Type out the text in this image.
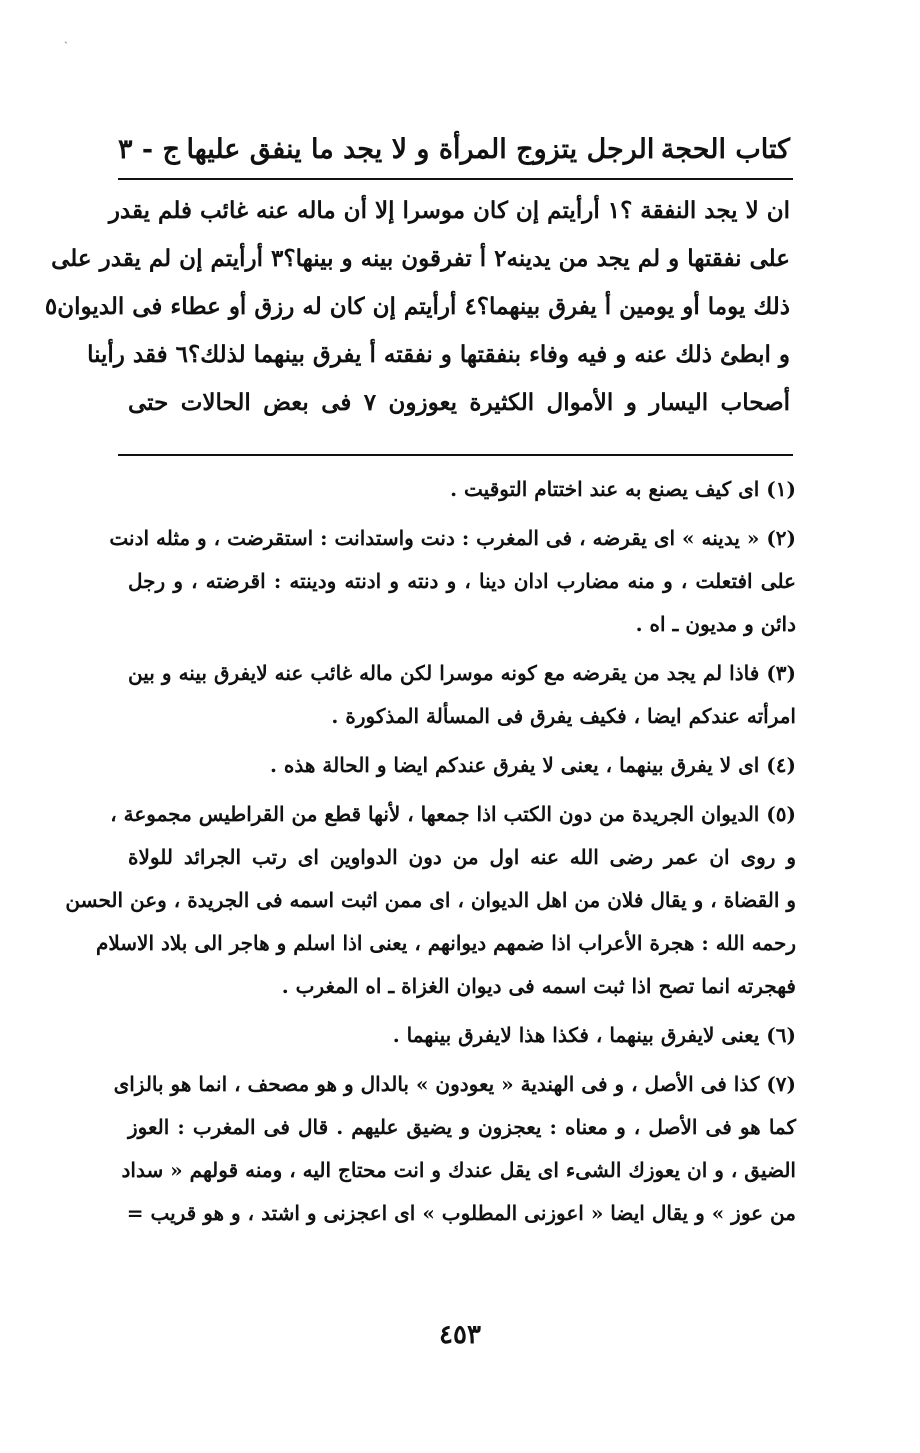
ˎ
كتاب الحجة
الرجل يتزوج المرأة و لا يجد ما ينفق عليها
ج - ٣
ان لا يجد النفقة ؟١ أرأيتم إن كان موسرا إلا أن ماله عنه غائب فلم يقدر
على نفقتها و لم يجد من يدينه٢ أ تفرقون بينه و بينها؟٣ أرأيتم إن لم يقدر على
ذلك يوما أو يومين أ يفرق بينهما؟٤ أرأيتم إن كان له رزق أو عطاء فى الديوان٥
و ابطئ ذلك عنه و فيه وفاء بنفقتها و نفقته أ يفرق بينهما لذلك؟٦ فقد رأينا
أصحاب اليسار و الأموال الكثيرة يعوزون ٧ فى بعض الحالات حتى
(١) اى كيف يصنع به عند اختتام التوقيت .
(٢) « يدينه » اى يقرضه ، فى المغرب : دنت واستدانت : استقرضت ، و مثله ادنت
على افتعلت ، و منه مضارب ادان دينا ، و دنته و ادنته ودينته : اقرضته ، و رجل
دائن و مديون ـ اه .
(٣) فاذا لم يجد من يقرضه مع كونه موسرا لكن ماله غائب عنه لايفرق بينه و بين
امرأته عندكم ايضا ، فكيف يفرق فى المسألة المذكورة .
(٤) اى لا يفرق بينهما ، يعنى لا يفرق عندكم ايضا و الحالة هذه .
(٥) الديوان الجريدة من دون الكتب اذا جمعها ، لأنها قطع من القراطيس مجموعة ،
و روى ان عمر رضى الله عنه اول من دون الدواوين اى رتب الجرائد للولاة
و القضاة ، و يقال فلان من اهل الديوان ، اى ممن اثبت اسمه فى الجريدة ، وعن الحسن
رحمه الله : هجرة الأعراب اذا ضمهم ديوانهم ، يعنى اذا اسلم و هاجر الى بلاد الاسلام
فهجرته انما تصح اذا ثبت اسمه فى ديوان الغزاة ـ اه المغرب .
(٦) يعنى لايفرق بينهما ، فكذا هذا لايفرق بينهما .
(٧) كذا فى الأصل ، و فى الهندية « يعودون » بالدال و هو مصحف ، انما هو بالزاى
كما هو فى الأصل ، و معناه : يعجزون و يضيق عليهم . قال فى المغرب : العوز
الضيق ، و ان يعوزك الشىء اى يقل عندك و انت محتاج اليه ، ومنه قولهم « سداد
من عوز » و يقال ايضا « اعوزنى المطلوب » اى اعجزنى و اشتد ، و هو قريب =
٤٥٣
